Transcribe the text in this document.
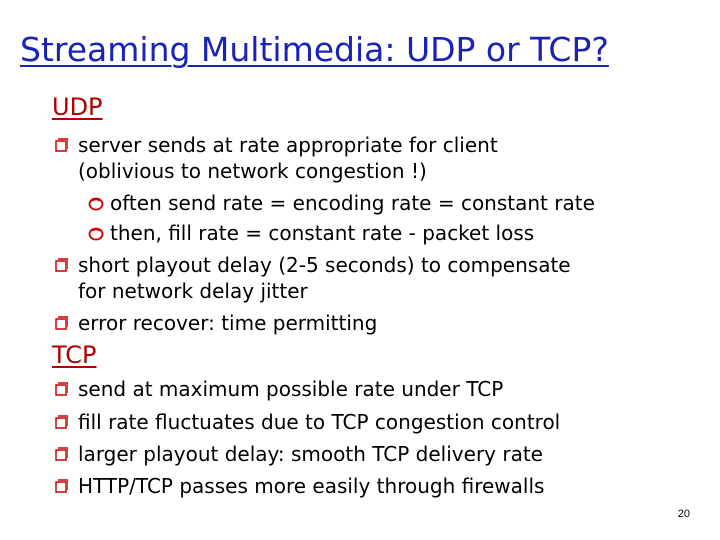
Streaming Multimedia: UDP or TCP?
UDP
server sends at rate appropriate for client
(oblivious to network congestion !)
often send rate = encoding rate = constant rate
then, fill rate = constant rate - packet loss
short playout delay (2-5 seconds) to compensate
for network delay jitter
error recover: time permitting
TCP
send at maximum possible rate under TCP
fill rate fluctuates due to TCP congestion control
larger playout delay: smooth TCP delivery rate
HTTP/TCP passes more easily through firewalls
20
